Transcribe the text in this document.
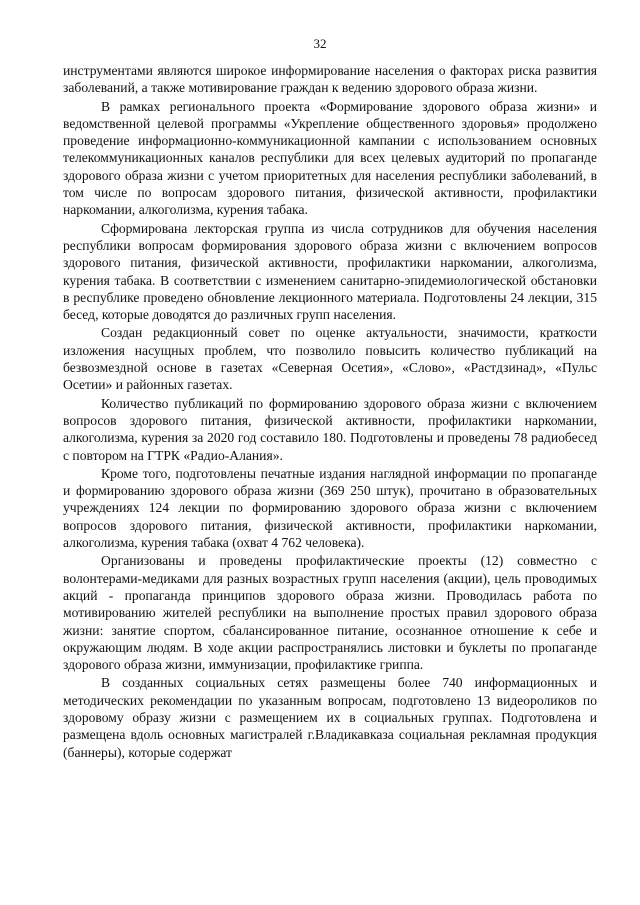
32

инструментами являются широкое информирование населения о факторах риска развития заболеваний, а также мотивирование граждан к ведению здорового образа жизни.

В рамках регионального проекта «Формирование здорового образа жизни» и ведомственной целевой программы «Укрепление общественного здоровья» продолжено проведение информационно-коммуникационной кампании с использованием основных телекоммуникационных каналов республики для всех целевых аудиторий по пропаганде здорового образа жизни с учетом приоритетных для населения республики заболеваний, в том числе по вопросам здорового питания, физической активности, профилактики наркомании, алкоголизма, курения табака.

Сформирована лекторская группа из числа сотрудников для обучения населения республики вопросам формирования здорового образа жизни с включением вопросов здорового питания, физической активности, профилактики наркомании, алкоголизма, курения табака. В соответствии с изменением санитарно-эпидемиологической обстановки в республике проведено обновление лекционного материала. Подготовлены 24 лекции, 315 бесед, которые доводятся до различных групп населения.

Создан редакционный совет по оценке актуальности, значимости, краткости изложения насущных проблем, что позволило повысить количество публикаций на безвозмездной основе в газетах «Северная Осетия», «Слово», «Растдзинад», «Пульс Осетии» и районных газетах.

Количество публикаций по формированию здорового образа жизни с включением вопросов здорового питания, физической активности, профилактики наркомании, алкоголизма, курения за 2020 год составило 180. Подготовлены и проведены 78 радиобесед с повтором на ГТРК «Радио-Алания».

Кроме того, подготовлены печатные издания наглядной информации по пропаганде и формированию здорового образа жизни (369 250 штук), прочитано в образовательных учреждениях 124 лекции по формированию здорового образа жизни с включением вопросов здорового питания, физической активности, профилактики наркомании, алкоголизма, курения табака (охват 4 762 человека).

Организованы и проведены профилактические проекты (12) совместно с волонтерами-медиками для разных возрастных групп населения (акции), цель проводимых акций - пропаганда принципов здорового образа жизни. Проводилась работа по мотивированию жителей республики на выполнение простых правил здорового образа жизни: занятие спортом, сбалансированное питание, осознанное отношение к себе и окружающим людям. В ходе акции распространялись листовки и буклеты по пропаганде здорового образа жизни, иммунизации, профилактике гриппа.

В созданных социальных сетях размещены более 740 информационных и методических рекомендации по указанным вопросам, подготовлено 13 видеороликов по здоровому образу жизни с размещением их в социальных группах. Подготовлена и размещена вдоль основных магистралей г.Владикавказа социальная рекламная продукция (баннеры), которые содержат
